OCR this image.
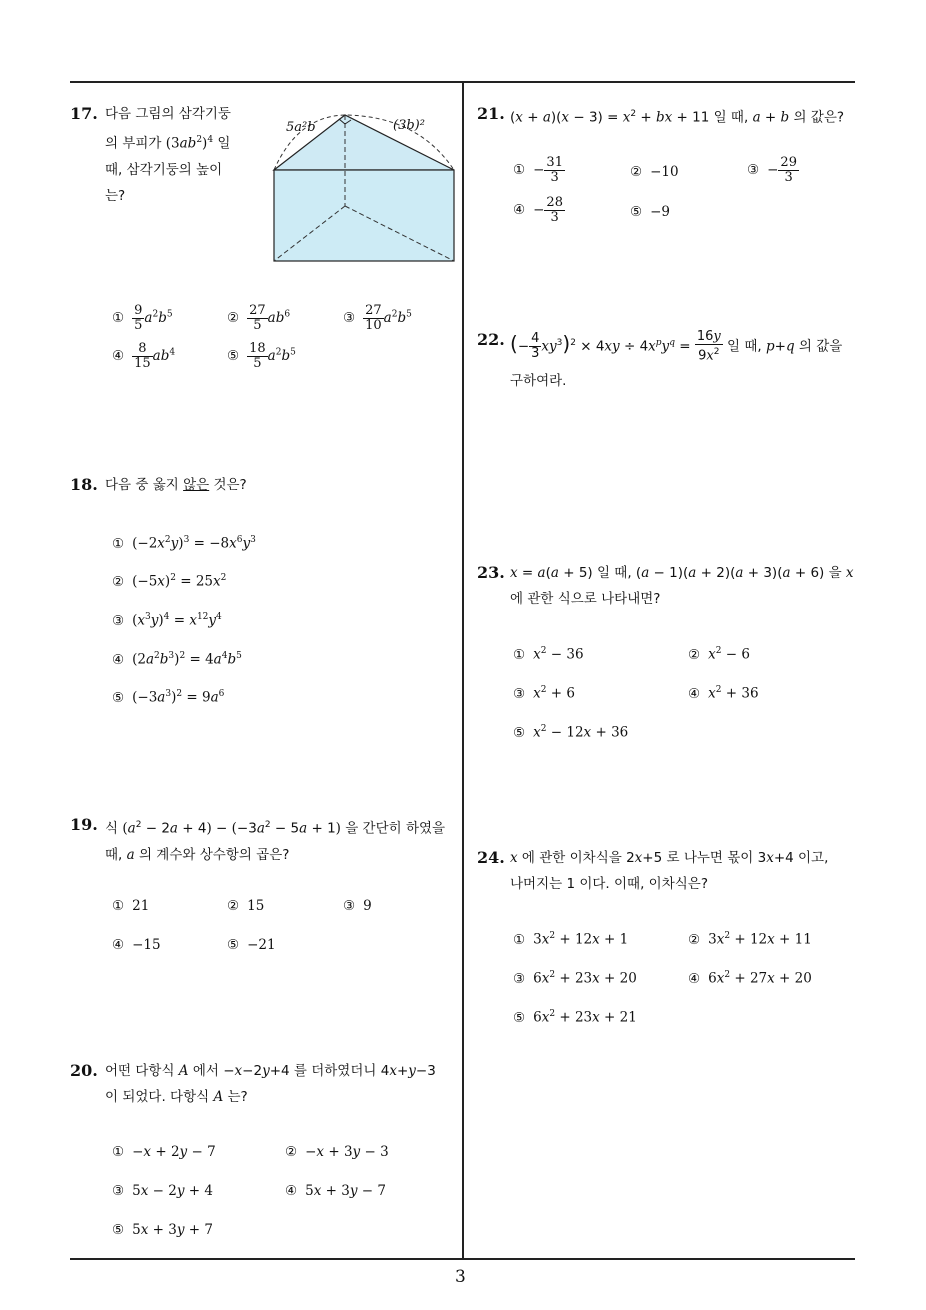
17. 다음 그림의 삼각기둥
의 부피가 $(3ab^2)^4$ 일
때, 삼각기둥의 높이
는?
5a²b	(3b)²
① $\frac{9}{5} a^2b^5$	② $\frac{27}{5} ab^6$	③ $\frac{27}{10} a^2b^5$
④ $\frac{8}{15} ab^4$	⑤ $\frac{18}{5} a^2b^5$
18. 다음 중 옳지 않은 것은?
① $(-2x^2y)^3 = -8x^6y^3$
② $(-5x)^2 = 25x^2$
③ $(x^3y)^4 = x^{12}y^4$
④ $(2a^2b^3)^2 = 4a^4b^5$
⑤ $(-3a^3)^2 = 9a^6$
19. 식 $(a^2 - 2a + 4) - (-3a^2 - 5a + 1)$ 을 간단히 하였을
때, a 의 계수와 상수항의 곱은?
① 21	② 15	③ 9
④ −15	⑤ −21
20. 어떤 다항식 A 에서 −x−2y+4 를 더하였더니 4x+y−3
이 되었다. 다항식 A 는?
① −x + 2y − 7	② −x + 3y − 3
③ 5x − 2y + 4	④ 5x + 3y − 7
⑤ 5x + 3y + 7
21. $(x + a)(x - 3) = x^2$ + bx + 11 일 때, a + b 의 값은?
① − $\frac{31}{3}$	② −10	③ − $\frac{29}{3}$
④ − $\frac{28}{3}$	⑤ −9
22. (− $\frac{4}{3} xy^3)^2 \times 4xy \div 4x^py^q = \frac{16y}{9x^2}$ 일 때, p+q 의 값을
구하여라.
23. x = a(a + 5) 일 때, (a − 1)(a + 2)(a + 3)(a + 6) 을 x
에 관한 식으로 나타내면?
① $x^2 - 36$	② $x^2 - 6$
③ $x^2 + 6$	④ $x^2 + 36$
⑤ $x^2 - 12x + 36$
24. x 에 관한 이차식을 2x+5 로 나누면 몫이 3x+4 이고,
나머지는 1 이다. 이때, 이차식은?
① $3x^2 + 12x + 1$	② $3x^2 + 12x + 11$
③ $6x^2 + 23x + 20$	④ $6x^2 + 27x + 20$
⑤ $6x^2 + 23x + 21$
3
